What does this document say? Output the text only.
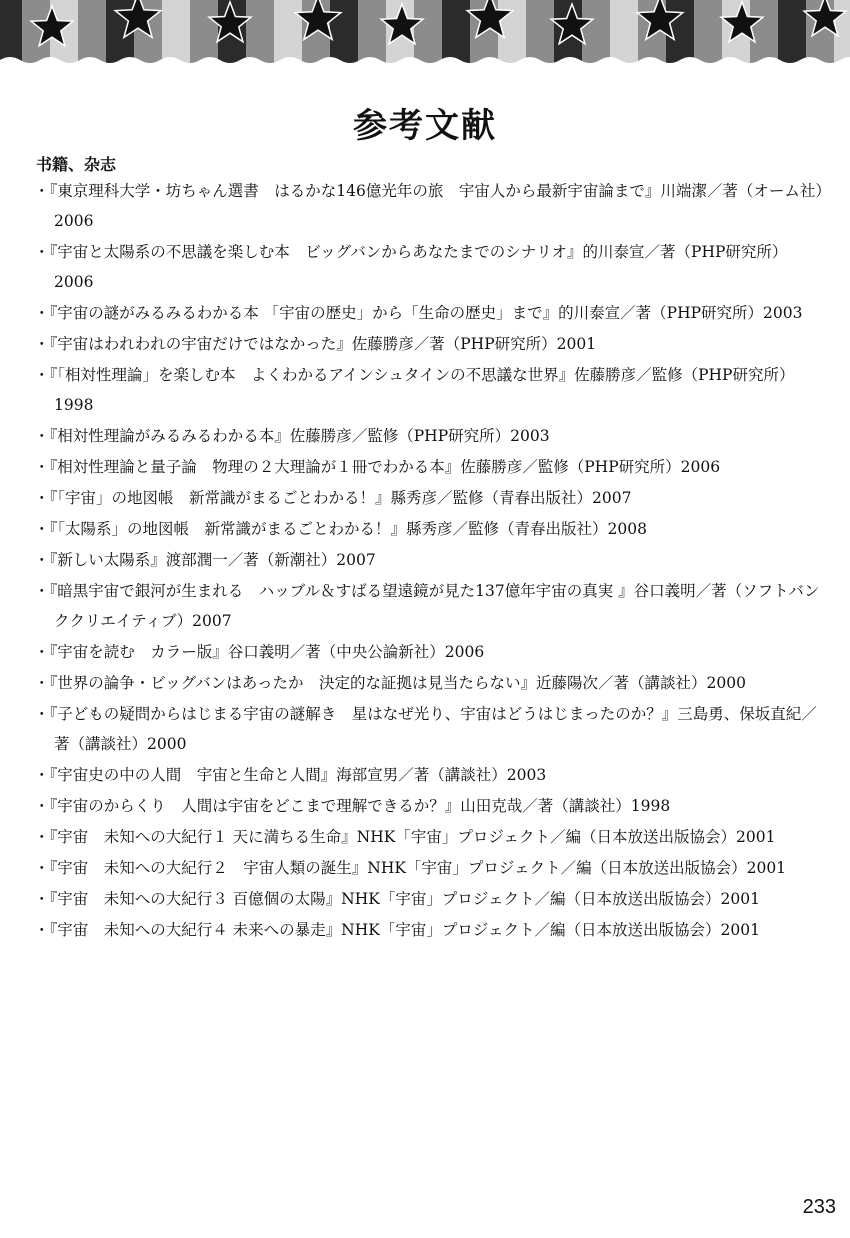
参考文献
书籍、杂志
・『東京理科大学・坊ちゃん選書　はるかな146億光年の旅　宇宙人から最新宇宙論まで』川端潔／著（オーム社）2006
・『宇宙と太陽系の不思議を楽しむ本　ビッグバンからあなたまでのシナリオ』的川泰宣／著（PHP研究所）2006
・『宇宙の謎がみるみるわかる本 「宇宙の歴史」から「生命の歴史」まで』的川泰宣／著（PHP研究所）2003
・『宇宙はわれわれの宇宙だけではなかった』佐藤勝彦／著（PHP研究所）2001
・『「相対性理論」を楽しむ本　よくわかるアインシュタインの不思議な世界』佐藤勝彦／監修（PHP研究所）1998
・『相対性理論がみるみるわかる本』佐藤勝彦／監修（PHP研究所）2003
・『相対性理論と量子論　物理の２大理論が１冊でわかる本』佐藤勝彦／監修（PHP研究所）2006
・『「宇宙」の地図帳　新常識がまるごとわかる！』縣秀彦／監修（青春出版社）2007
・『「太陽系」の地図帳　新常識がまるごとわかる！』縣秀彦／監修（青春出版社）2008
・『新しい太陽系』渡部潤一／著（新潮社）2007
・『暗黒宇宙で銀河が生まれる　ハッブル＆すばる望遠鏡が見た137億年宇宙の真実 』谷口義明／著（ソフトバンククリエイティブ）2007
・『宇宙を読む　カラー版』谷口義明／著（中央公論新社）2006
・『世界の論争・ビッグバンはあったか　決定的な証拠は見当たらない』近藤陽次／著（講談社）2000
・『子どもの疑問からはじまる宇宙の謎解き　星はなぜ光り、宇宙はどうはじまったのか？』三島勇、保坂直紀／著（講談社）2000
・『宇宙史の中の人間　宇宙と生命と人間』海部宣男／著（講談社）2003
・『宇宙のからくり　人間は宇宙をどこまで理解できるか？』山田克哉／著（講談社）1998
・『宇宙　未知への大紀行１ 天に満ちる生命』NHK「宇宙」プロジェクト／編（日本放送出版協会）2001
・『宇宙　未知への大紀行２　宇宙人類の誕生』NHK「宇宙」プロジェクト／編（日本放送出版協会）2001
・『宇宙　未知への大紀行３ 百億個の太陽』NHK「宇宙」プロジェクト／編（日本放送出版協会）2001
・『宇宙　未知への大紀行４ 未来への暴走』NHK「宇宙」プロジェクト／編（日本放送出版協会）2001
233
